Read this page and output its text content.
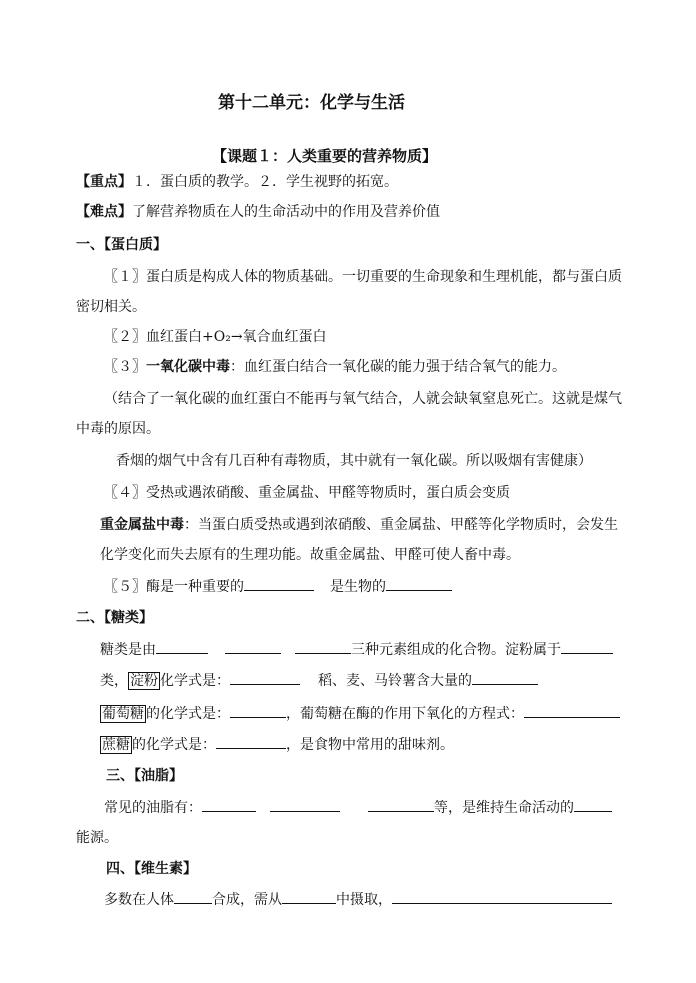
第十二单元：化学与生活
【课题１：人类重要的营养物质】
【重点】１．蛋白质的教学。２．学生视野的拓宽。
【难点】了解营养物质在人的生命活动中的作用及营养价值
一、【蛋白质】
〖１〗蛋白质是构成人体的物质基础。一切重要的生命现象和生理机能，都与蛋白质
密切相关。
〖２〗血红蛋白+O₂→氧合血红蛋白
〖３〗一氧化碳中毒：血红蛋白结合一氧化碳的能力强于结合氧气的能力。
（结合了一氧化碳的血红蛋白不能再与氧气结合，人就会缺氧窒息死亡。这就是煤气
中毒的原因。
香烟的烟气中含有几百种有毒物质，其中就有一氧化碳。所以吸烟有害健康）
〖４〗受热或遇浓硝酸、重金属盐、甲醛等物质时，蛋白质会变质
重金属盐中毒：当蛋白质受热或遇到浓硝酸、重金属盐、甲醛等化学物质时，会发生
化学变化而失去原有的生理功能。故重金属盐、甲醛可使人畜中毒。
〖５〗酶是一种重要的	是生物的
二、【糖类】
糖类是由	三种元素组成的化合物。淀粉属于
类， 淀粉 化学式是：	稻、麦、马铃薯含大量的
葡萄糖 的化学式是：	，葡萄糖在酶的作用下氧化的方程式：
蔗糖 的化学式是：	，是食物中常用的甜味剂。
三、【油脂】
常见的油脂有：	等，是维持生命活动的
能源。
四、【维生素】
多数在人体	合成，需从	中摄取，
